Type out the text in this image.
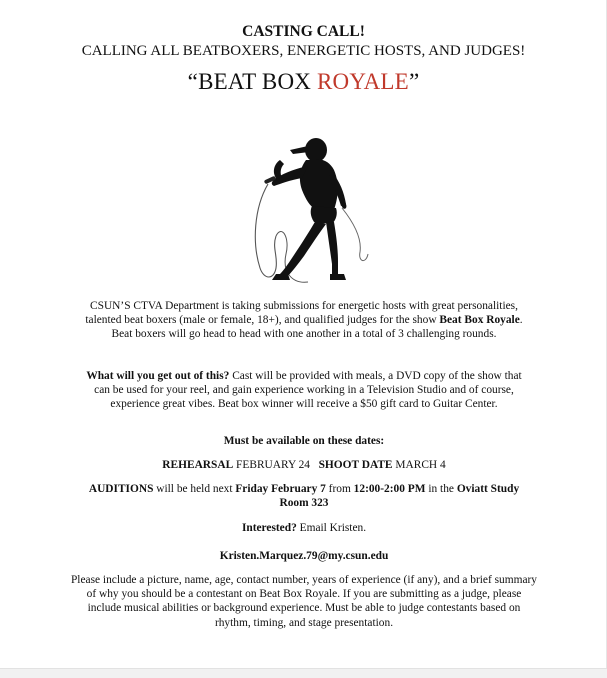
CASTING CALL!
CALLING ALL BEATBOXERS, ENERGETIC HOSTS, AND JUDGES!
“BEAT BOX ROYALE”
CSUN’S CTVA Department is taking submissions for energetic hosts with great personalities, talented beat boxers (male or female, 18+), and qualified judges for the show Beat Box Royale. Beat boxers will go head to head with one another in a total of 3 challenging rounds.
What will you get out of this? Cast will be provided with meals, a DVD copy of the show that can be used for your reel, and gain experience working in a Television Studio and of course, experience great vibes. Beat box winner will receive a $50 gift card to Guitar Center.
Must be available on these dates:
REHEARSAL FEBRUARY 24 SHOOT DATE MARCH 4
AUDITIONS will be held next Friday February 7 from 12:00-2:00 PM in the Oviatt Study Room 323
Interested? Email Kristen.
Kristen.Marquez.79@my.csun.edu
Please include a picture, name, age, contact number, years of experience (if any), and a brief summary of why you should be a contestant on Beat Box Royale. If you are submitting as a judge, please include musical abilities or background experience. Must be able to judge contestants based on rhythm, timing, and stage presentation.
